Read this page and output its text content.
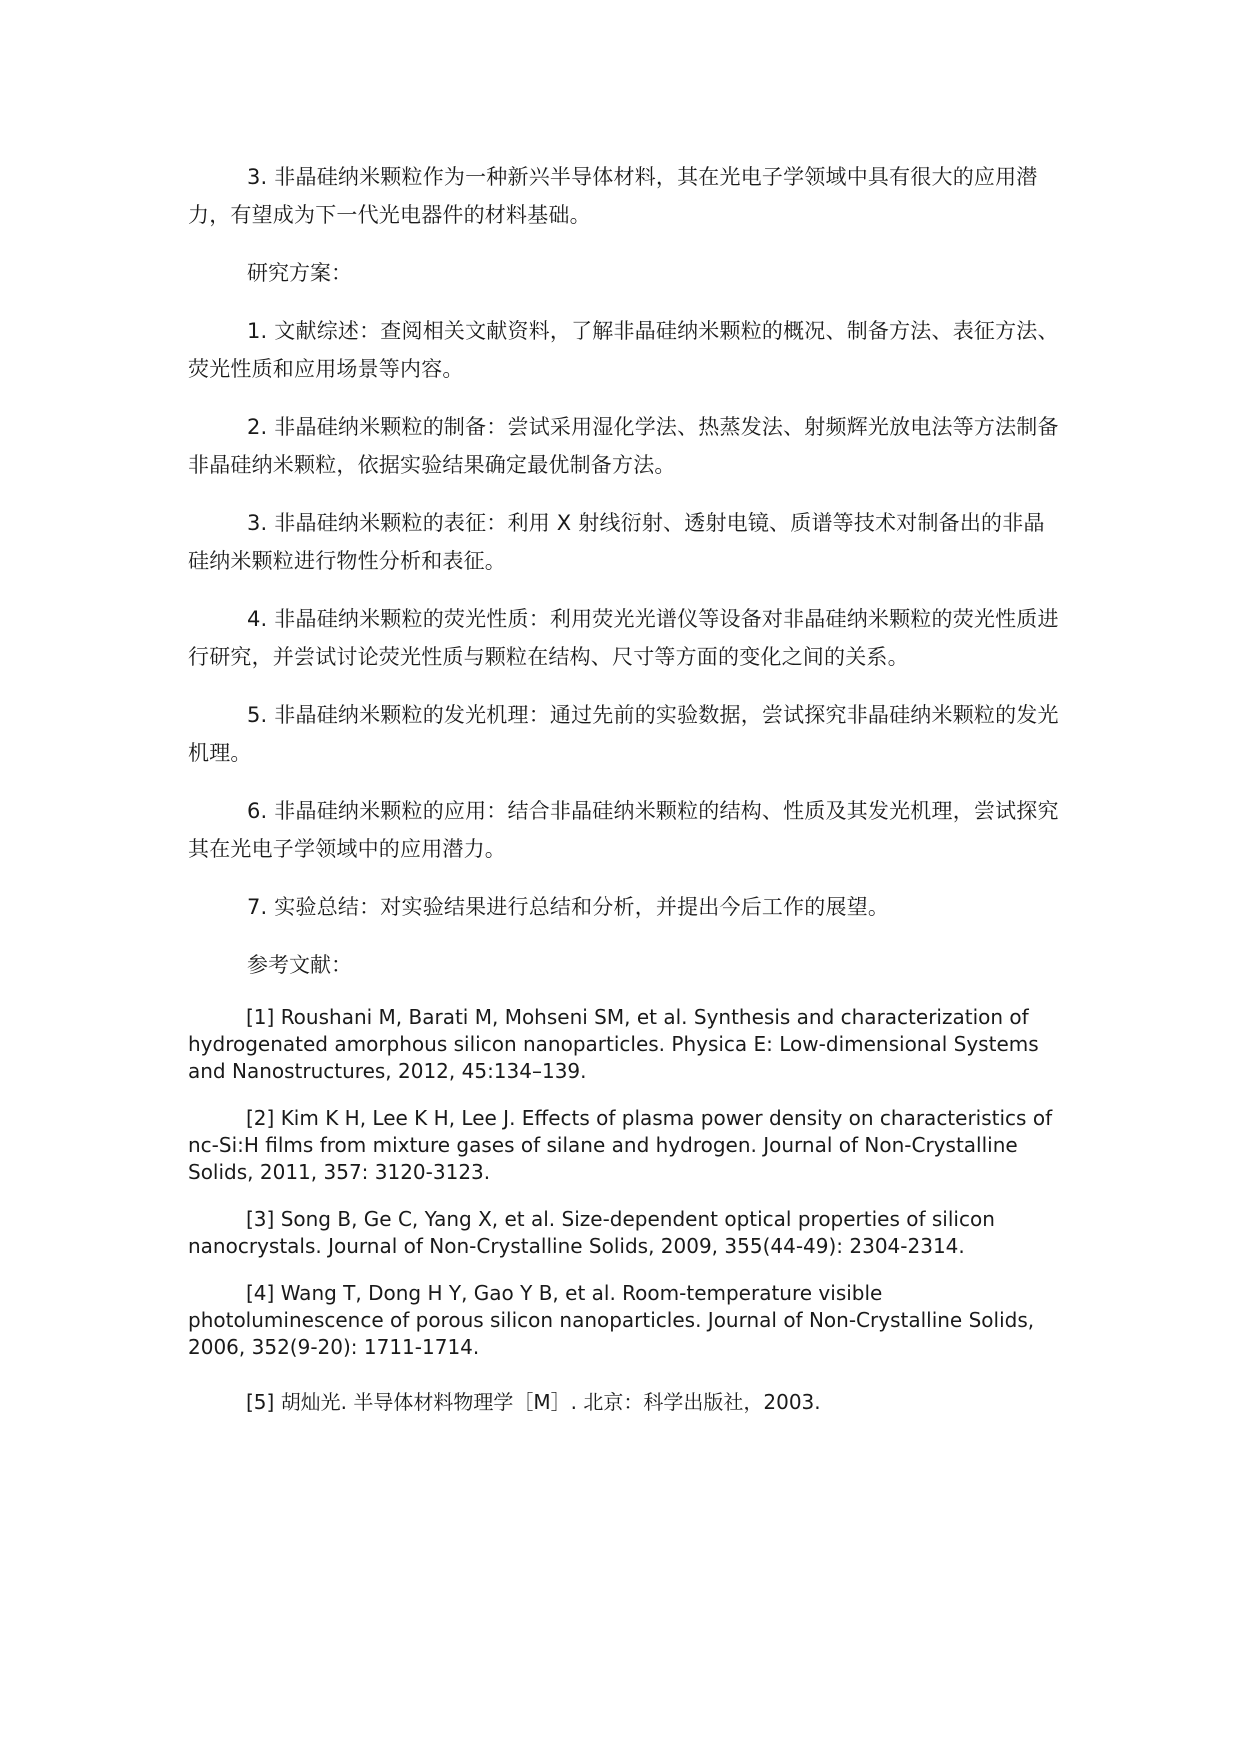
3. 非晶硅纳米颗粒作为一种新兴半导体材料，其在光电子学领域中具有很大的应用潜力，有望成为下一代光电器件的材料基础。

研究方案：

1. 文献综述：查阅相关文献资料，了解非晶硅纳米颗粒的概况、制备方法、表征方法、荧光性质和应用场景等内容。

2. 非晶硅纳米颗粒的制备：尝试采用湿化学法、热蒸发法、射频辉光放电法等方法制备非晶硅纳米颗粒，依据实验结果确定最优制备方法。

3. 非晶硅纳米颗粒的表征：利用 X 射线衍射、透射电镜、质谱等技术对制备出的非晶硅纳米颗粒进行物性分析和表征。

4. 非晶硅纳米颗粒的荧光性质：利用荧光光谱仪等设备对非晶硅纳米颗粒的荧光性质进行研究，并尝试讨论荧光性质与颗粒在结构、尺寸等方面的变化之间的关系。

5. 非晶硅纳米颗粒的发光机理：通过先前的实验数据，尝试探究非晶硅纳米颗粒的发光机理。

6. 非晶硅纳米颗粒的应用：结合非晶硅纳米颗粒的结构、性质及其发光机理，尝试探究其在光电子学领域中的应用潜力。

7. 实验总结：对实验结果进行总结和分析，并提出今后工作的展望。

参考文献：

[1] Roushani M, Barati M, Mohseni SM, et al. Synthesis and characterization of hydrogenated amorphous silicon nanoparticles. Physica E: Low-dimensional Systems and Nanostructures, 2012, 45:134–139.

[2] Kim K H, Lee K H, Lee J. Effects of plasma power density on characteristics of nc-Si:H films from mixture gases of silane and hydrogen. Journal of Non-Crystalline Solids, 2011, 357: 3120-3123.

[3] Song B, Ge C, Yang X, et al. Size-dependent optical properties of silicon nanocrystals. Journal of Non-Crystalline Solids, 2009, 355(44-49): 2304-2314.

[4] Wang T, Dong H Y, Gao Y B, et al. Room-temperature visible photoluminescence of porous silicon nanoparticles. Journal of Non-Crystalline Solids, 2006, 352(9-20): 1711-1714.

[5] 胡灿光. 半导体材料物理学［M］. 北京：科学出版社，2003.
